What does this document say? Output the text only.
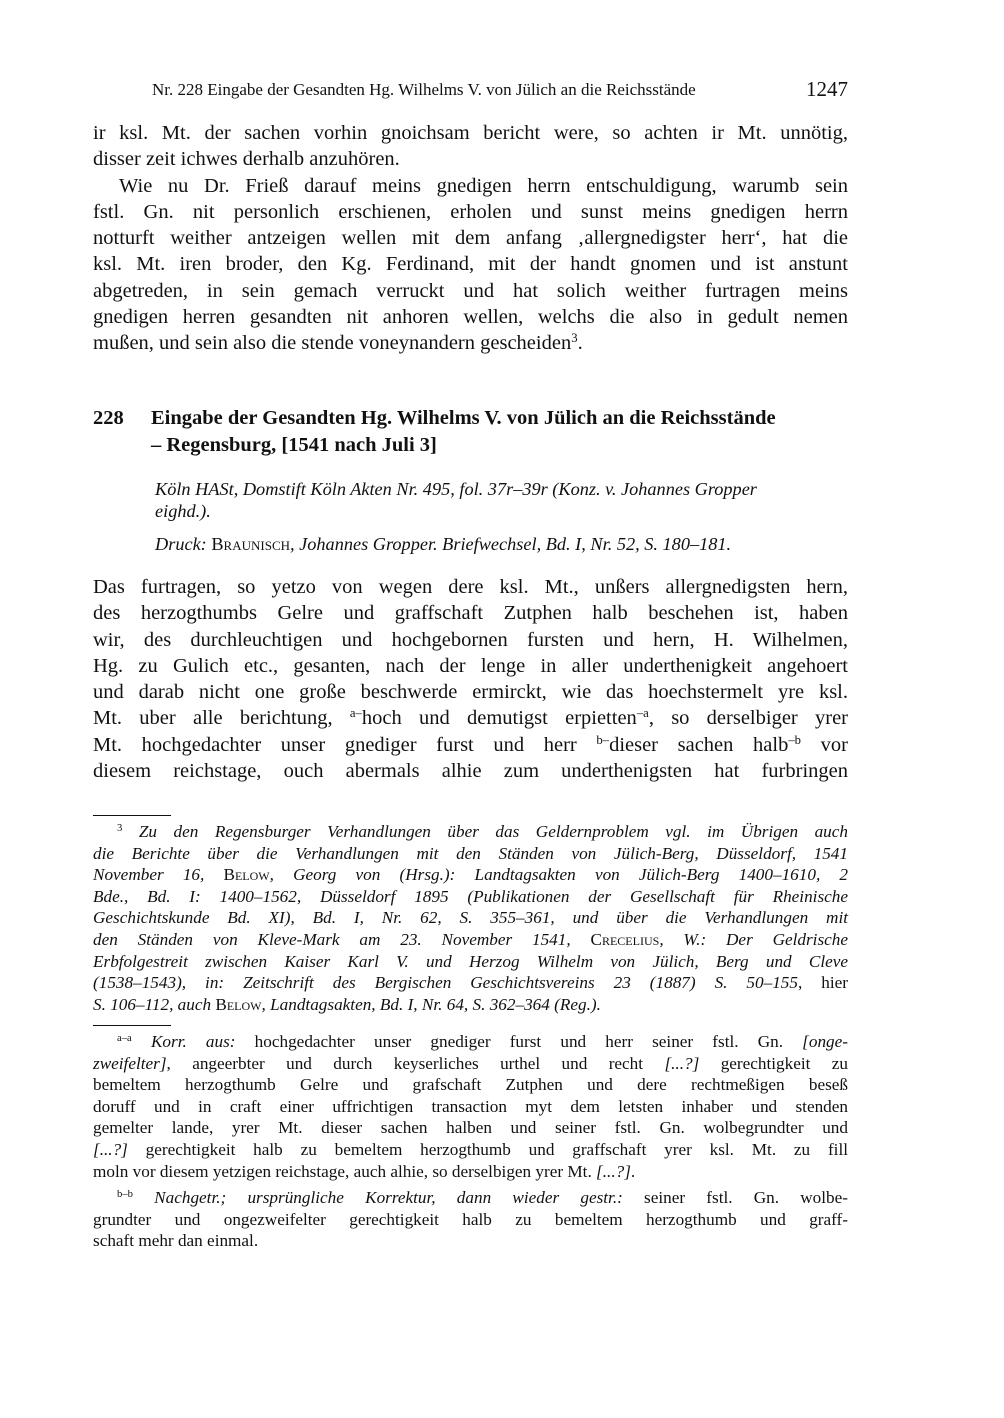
Nr. 228 Eingabe der Gesandten Hg. Wilhelms V. von Jülich an die Reichsstände	1247
ir ksl. Mt. der sachen vorhin gnoichsam bericht were, so achten ir Mt. unnötig,
disser zeit ichwes derhalb anzuhören.
Wie nu Dr. Frieß darauf meins gnedigen herrn entschuldigung, warumb sein
fstl. Gn. nit personlich erschienen, erholen und sunst meins gnedigen herrn
notturft weither antzeigen wellen mit dem anfang ‚allergnedigster herr‘, hat die
ksl. Mt. iren broder, den Kg. Ferdinand, mit der handt gnomen und ist anstunt
abgetreden, in sein gemach verruckt und hat solich weither furtragen meins
gnedigen herren gesandten nit anhoren wellen, welchs die also in gedult nemen
mußen, und sein also die stende voneynandern gescheiden$^3$.
228 Eingabe der Gesandten Hg. Wilhelms V. von Jülich an die Reichsstände
– Regensburg, [1541 nach Juli 3]
Köln HASt, Domstift Köln Akten Nr. 495, fol. 37r–39r (Konz. v. Johannes Gropper
eighd.).
Druck: Braunisch, Johannes Gropper. Briefwechsel, Bd. I, Nr. 52, S. 180–181.
Das furtragen, so yetzo von wegen dere ksl. Mt., unßers allergnedigsten hern,
des herzogthumbs Gelre und graffschaft Zutphen halb beschehen ist, haben
wir, des durchleuchtigen und hochgebornen fursten und hern, H. Wilhelmen,
Hg. zu Gulich etc., gesanten, nach der lenge in aller underthenigkeit angehoert
und darab nicht one große beschwerde ermirckt, wie das hoechstermelt yre ksl.
Mt. uber alle berichtung, $^{a-}$hoch und demutigst erpietten$^{-a}$, so derselbiger yrer
Mt. hochgedachter unser gnediger furst und herr $^{b-}$dieser sachen halb$^{-b}$ vor
diesem reichstage, ouch abermals alhie zum underthenigsten hat furbringen
$^3$ Zu den Regensburger Verhandlungen über das Geldernproblem vgl. im Übrigen auch
die Berichte über die Verhandlungen mit den Ständen von Jülich-Berg, Düsseldorf, 1541
November 16, Below, Georg von (Hrsg.): Landtagsakten von Jülich-Berg 1400–1610, 2
Bde., Bd. I: 1400–1562, Düsseldorf 1895 (Publikationen der Gesellschaft für Rheinische
Geschichtskunde Bd. XI), Bd. I, Nr. 62, S. 355–361, und über die Verhandlungen mit
den Ständen von Kleve-Mark am 23. November 1541, Crecelius, W.: Der Geldrische
Erbfolgestreit zwischen Kaiser Karl V. und Herzog Wilhelm von Jülich, Berg und Cleve
(1538–1543), in: Zeitschrift des Bergischen Geschichtsvereins 23 (1887) S. 50–155, hier
S. 106–112, auch Below, Landtagsakten, Bd. I, Nr. 64, S. 362–364 (Reg.).
$^{a-a}$ Korr. aus: hochgedachter unser gnediger furst und herr seiner fstl. Gn. [onge-
zweifelter], angeerbter und durch keyserliches urthel und recht [...?] gerechtigkeit zu
bemeltem herzogthumb Gelre und grafschaft Zutphen und dere rechtmeßigen beseß
doruff und in craft einer uffrichtigen transaction myt dem letsten inhaber und stenden
gemelter lande, yrer Mt. dieser sachen halben und seiner fstl. Gn. wolbegrundter und
[...?] gerechtigkeit halb zu bemeltem herzogthumb und graffschaft yrer ksl. Mt. zu fill
moln vor diesem yetzigen reichstage, auch alhie, so derselbigen yrer Mt. [...?].
$^{b-b}$ Nachgetr.; ursprüngliche Korrektur, dann wieder gestr.: seiner fstl. Gn. wolbe-
grundter und ongezweifelter gerechtigkeit halb zu bemeltem herzogthumb und graff-
schaft mehr dan einmal.
